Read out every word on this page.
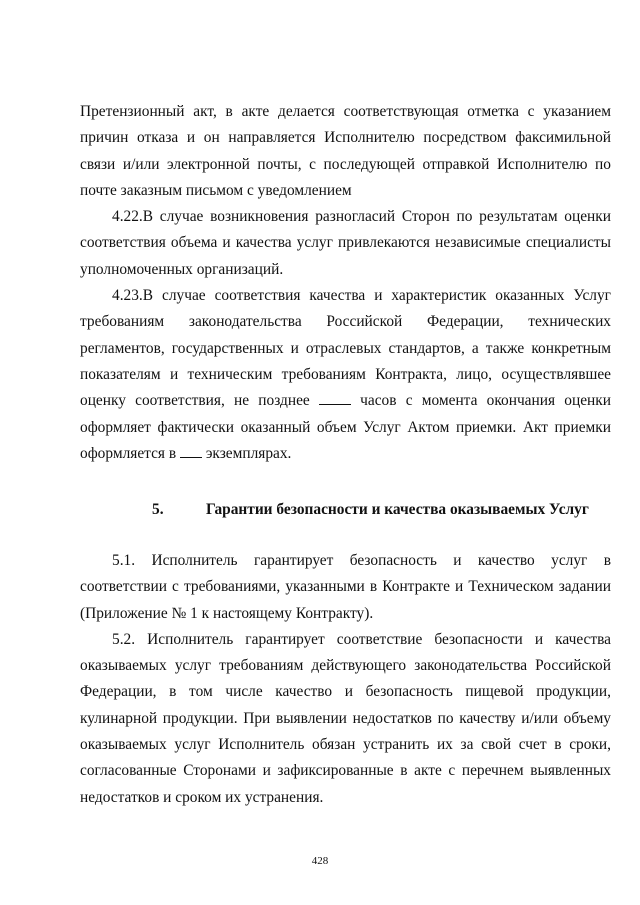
Претензионный акт, в акте делается соответствующая отметка с указанием причин отказа и он направляется Исполнителю посредством факсимильной связи и/или электронной почты, с последующей отправкой Исполнителю по почте заказным письмом с уведомлением

4.22.В случае возникновения разногласий Сторон по результатам оценки соответствия объема и качества услуг привлекаются независимые специалисты уполномоченных организаций.

4.23.В случае соответствия качества и характеристик оказанных Услуг требованиям законодательства Российской Федерации, технических регламентов, государственных и отраслевых стандартов, а также конкретным показателям и техническим требованиям Контракта, лицо, осуществлявшее оценку соответствия, не позднее	часов с момента окончания оценки оформляет фактически оказанный объем Услуг Актом приемки. Акт приемки оформляется в экземплярах.

5.	Гарантии безопасности и качества оказываемых Услуг

5.1. Исполнитель гарантирует безопасность и качество услуг в соответствии с требованиями, указанными в Контракте и Техническом задании (Приложение № 1 к настоящему Контракту).

5.2. Исполнитель гарантирует соответствие безопасности и качества оказываемых услуг требованиям действующего законодательства Российской Федерации, в том числе качество и безопасность пищевой продукции, кулинарной продукции. При выявлении недостатков по качеству и/или объему оказываемых услуг Исполнитель обязан устранить их за свой счет в сроки, согласованные Сторонами и зафиксированные в акте с перечнем выявленных недостатков и сроком их устранения.

428
